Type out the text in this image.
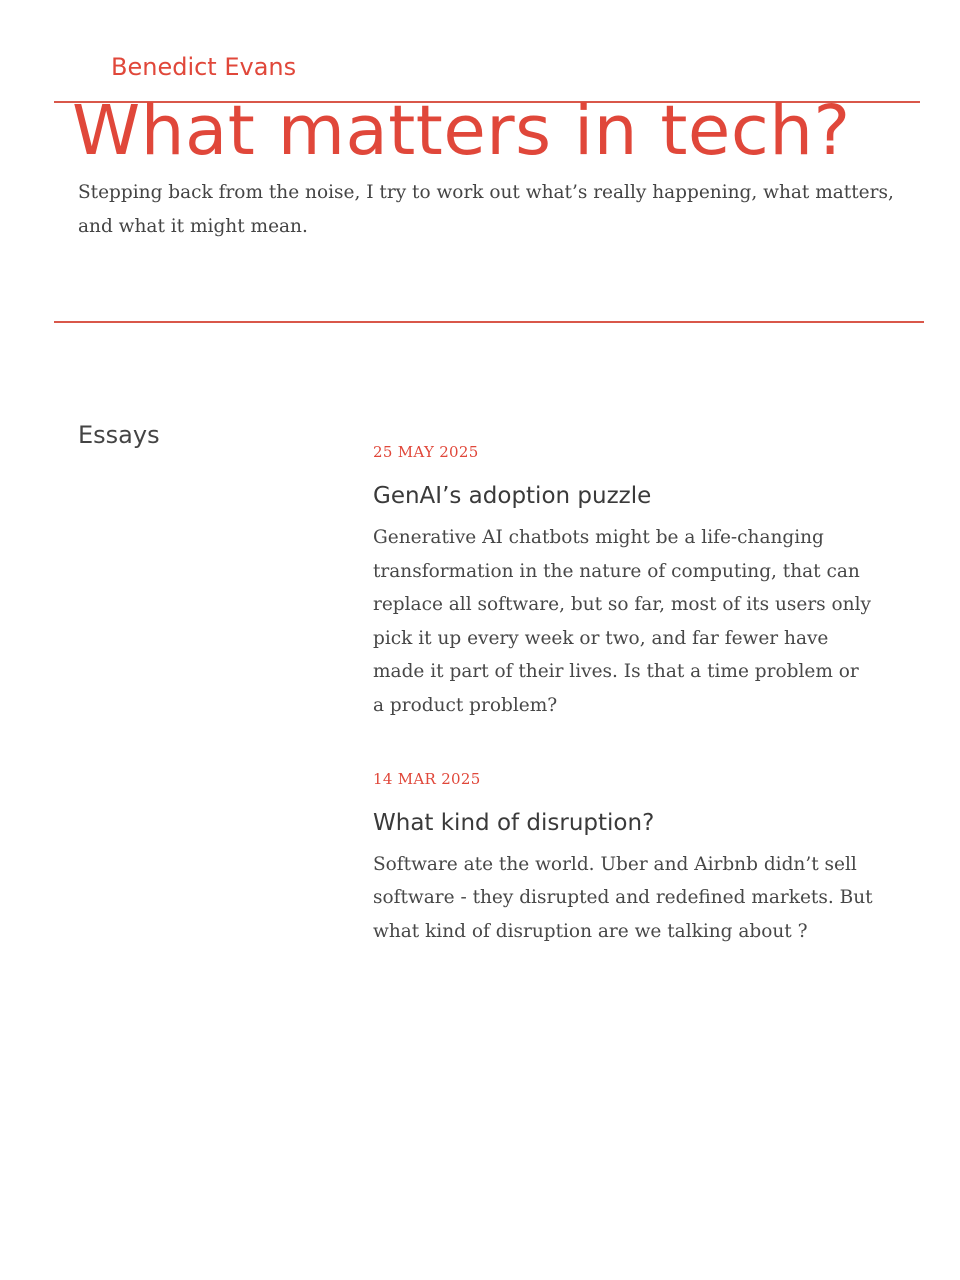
Benedict Evans
What matters in tech?

Stepping back from the noise, I try to work out what’s really happening, what matters, and what it might mean.

Essays
25 MAY 2025
GenAI’s adoption puzzle

Generative AI chatbots might be a life-changing transformation in the nature of computing, that can replace all software, but so far, most of its users only pick it up every week or two, and far fewer have made it part of their lives. Is that a time problem or a product problem?

14 MAR 2025
What kind of disruption?

Software ate the world. Uber and Airbnb didn’t sell software - they disrupted and redefined markets. But what kind of disruption are we talking about ?
